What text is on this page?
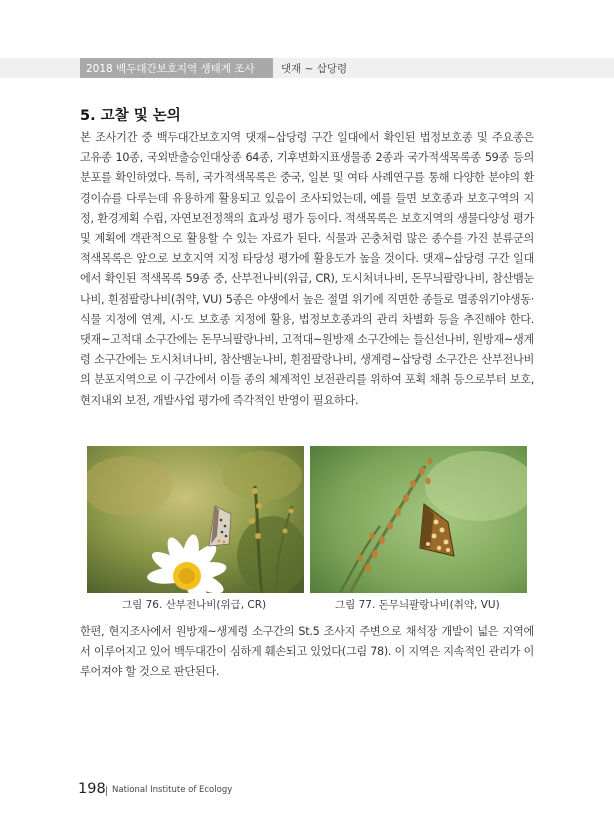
2018 백두대간보호지역 생태계 조사	댓재 ~ 삽당령
5. 고찰 및 논의

본 조사기간 중 백두대간보호지역 댓재~삽당령 구간 일대에서 확인된 법정보호종 및 주요종은 고유종 10종, 국외반출승인대상종 64종, 기후변화지표생물종 2종과 국가적색목록종 59종 등의 분포를 확인하였다. 특히, 국가적색목록은 중국, 일본 및 여타 사례연구를 통해 다양한 분야의 환경이슈를 다루는데 유용하게 활용되고 있음이 조사되었는데, 예를 들면 보호종과 보호구역의 지정, 환경계획 수립, 자연보전정책의 효과성 평가 등이다. 적색목록은 보호지역의 생물다양성 평가 및 계획에 객관적으로 활용할 수 있는 자료가 된다. 식물과 곤충처럼 많은 종수를 가진 분류군의 적색목록은 앞으로 보호지역 지정 타당성 평가에 활용도가 높을 것이다. 댓재~삽당령 구간 일대에서 확인된 적색목록 59종 중, 산부전나비(위급, CR), 도시처녀나비, 돈무늬팔랑나비, 참산뱀눈나비, 흰점팔랑나비(취약, VU) 5종은 야생에서 높은 절멸 위기에 직면한 종들로 멸종위기야생동·식물 지정에 연계, 시·도 보호종 지정에 활용, 법정보호종과의 관리 차별화 등을 추진해야 한다. 댓재~고적대 소구간에는 돈무늬팔랑나비, 고적대~원방재 소구간에는 들신선나비, 원방재~생계령 소구간에는 도시처녀나비, 참산뱀눈나비, 흰점팔랑나비, 생계령~삽당령 소구간은 산부전나비의 분포지역으로 이 구간에서 이들 종의 체계적인 보전관리를 위하여 포획 채취 등으로부터 보호, 현지내외 보전, 개발사업 평가에 즉각적인 반영이 필요하다.

그림 76. 산부전나비(위급, CR)	그림 77. 돈무늬팔랑나비(취약, VU)

한편, 현지조사에서 원방재~생계령 소구간의 St.5 조사지 주변으로 채석장 개발이 넓은 지역에서 이루어지고 있어 백두대간이 심하게 훼손되고 있었다(그림 78). 이 지역은 지속적인 관리가 이루어져야 할 것으로 판단된다.

198 National Institute of Ecology
